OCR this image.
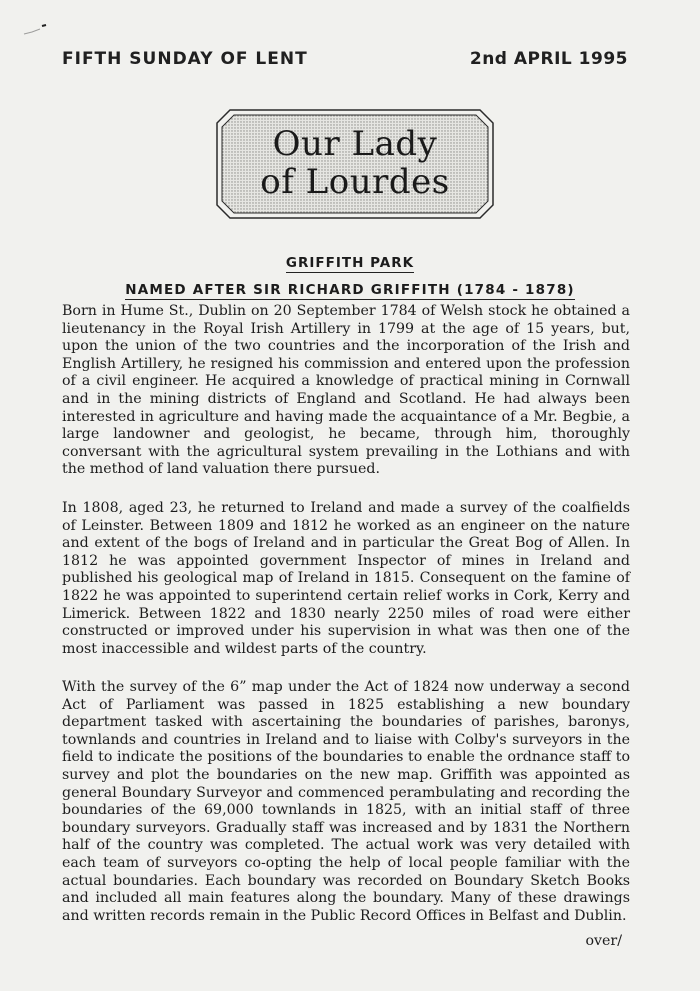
FIFTH SUNDAY OF LENT	2nd APRIL 1995
Our Lady
of Lourdes
GRIFFITH PARK
NAMED AFTER SIR RICHARD GRIFFITH (1784 - 1878)

Born in Hume St., Dublin on 20 September 1784 of Welsh stock he obtained a lieutenancy in the Royal Irish Artillery in 1799 at the age of 15 years, but, upon the union of the two countries and the incorporation of the Irish and English Artillery, he resigned his commission and entered upon the profession of a civil engineer. He acquired a knowledge of practical mining in Cornwall and in the mining districts of England and Scotland. He had always been interested in agriculture and having made the acquaintance of a Mr. Begbie, a large landowner and geologist, he became, through him, thoroughly conversant with the agricultural system prevailing in the Lothians and with the method of land valuation there pursued.

In 1808, aged 23, he returned to Ireland and made a survey of the coalfields of Leinster. Between 1809 and 1812 he worked as an engineer on the nature and extent of the bogs of Ireland and in particular the Great Bog of Allen. In 1812 he was appointed government Inspector of mines in Ireland and published his geological map of Ireland in 1815. Consequent on the famine of 1822 he was appointed to superintend certain relief works in Cork, Kerry and Limerick. Between 1822 and 1830 nearly 2250 miles of road were either constructed or improved under his supervision in what was then one of the most inaccessible and wildest parts of the country.

With the survey of the 6” map under the Act of 1824 now underway a second Act of Parliament was passed in 1825 establishing a new boundary department tasked with ascertaining the boundaries of parishes, baronys, townlands and countries in Ireland and to liaise with Colby's surveyors in the field to indicate the positions of the boundaries to enable the ordnance staff to survey and plot the boundaries on the new map. Griffith was appointed as general Boundary Surveyor and commenced perambulating and recording the boundaries of the 69,000 townlands in 1825, with an initial staff of three boundary surveyors. Gradually staff was increased and by 1831 the Northern half of the country was completed. The actual work was very detailed with each team of surveyors co-opting the help of local people familiar with the actual boundaries. Each boundary was recorded on Boundary Sketch Books and included all main features along the boundary. Many of these drawings and written records remain in the Public Record Offices in Belfast and Dublin.

over/
